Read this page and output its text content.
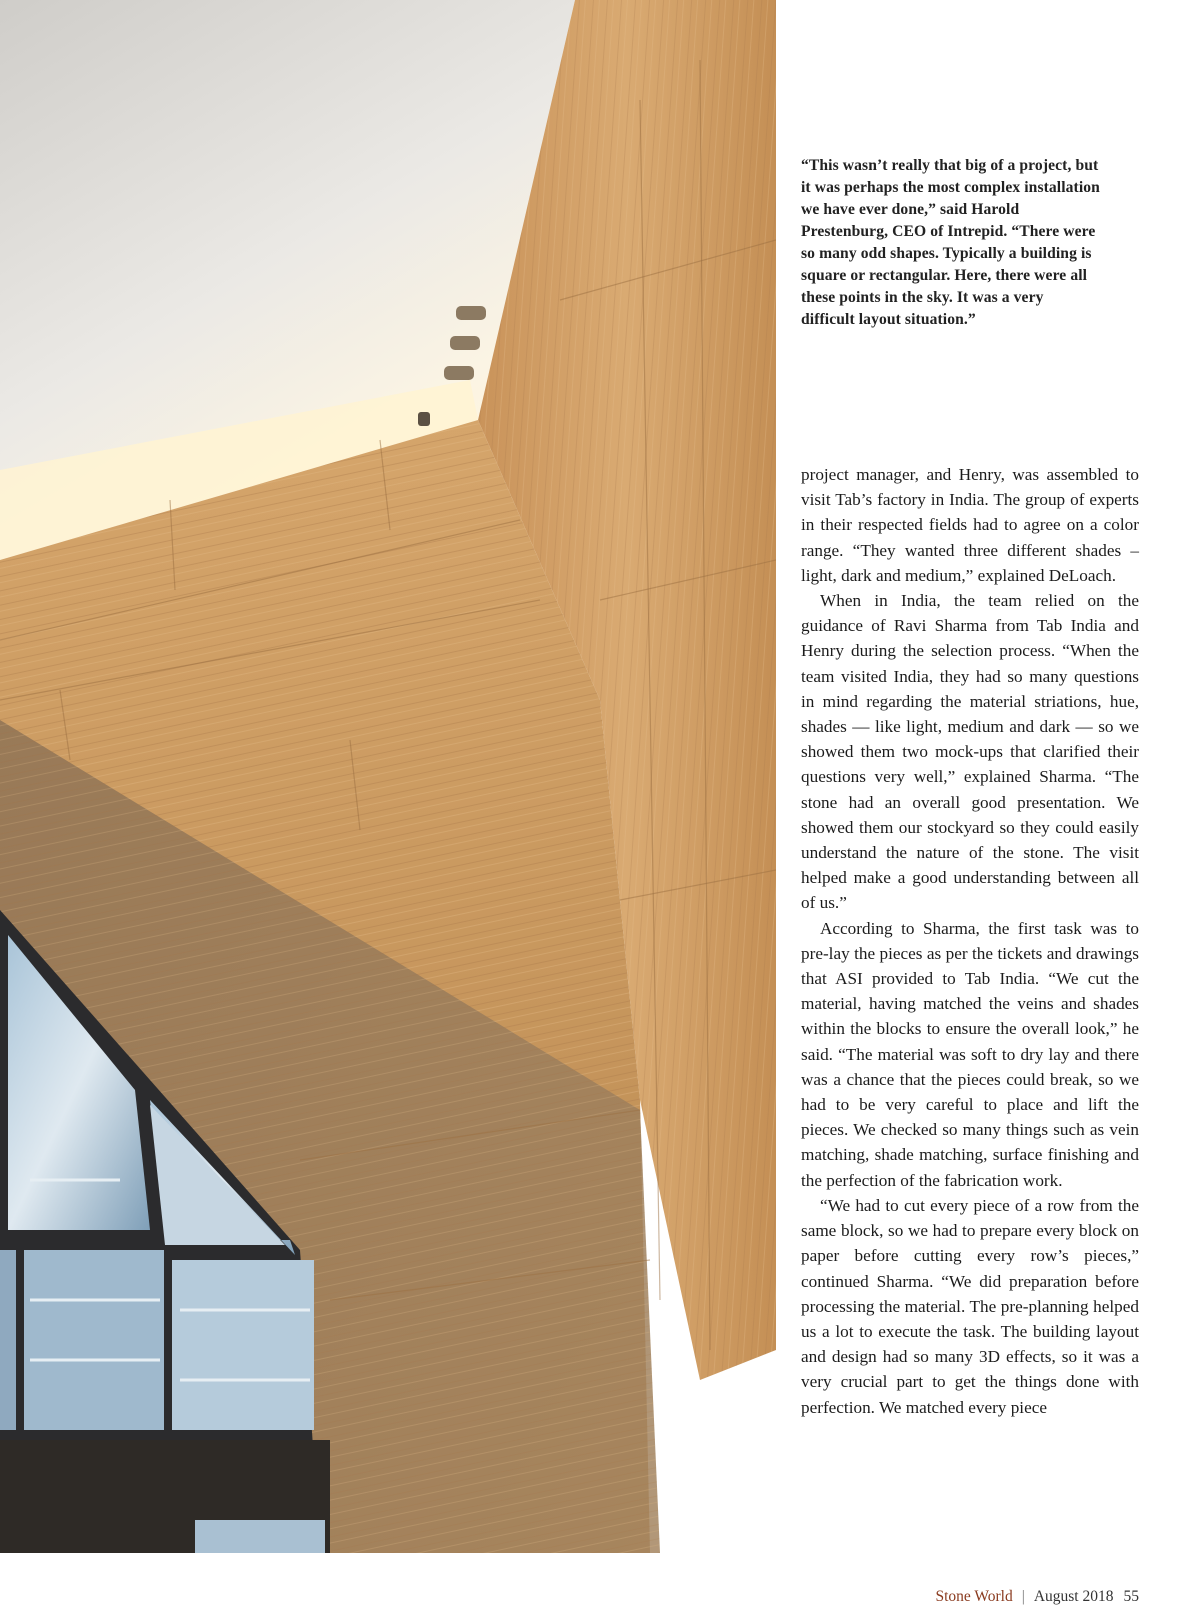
“This wasn’t really that big of a project, but it was perhaps the most complex installation we have ever done,” said Harold Prestenburg, CEO of Intrepid. “There were so many odd shapes. Typically a building is square or rectangular. Here, there were all these points in the sky. It was a very difficult layout situation.”

project manager, and Henry, was assembled to visit Tab’s factory in India. The group of experts in their respected fields had to agree on a color range. “They wanted three different shades – light, dark and medium,” explained DeLoach.

When in India, the team relied on the guidance of Ravi Sharma from Tab India and Henry during the selection process. “When the team visited India, they had so many questions in mind regarding the material striations, hue, shades — like light, medium and dark — so we showed them two mock-ups that clarified their questions very well,” explained Sharma. “The stone had an overall good presentation. We showed them our stockyard so they could easily understand the nature of the stone. The visit helped make a good understanding between all of us.”

According to Sharma, the first task was to pre-lay the pieces as per the tickets and drawings that ASI provided to Tab India. “We cut the material, having matched the veins and shades within the blocks to ensure the overall look,” he said. “The material was soft to dry lay and there was a chance that the pieces could break, so we had to be very careful to place and lift the pieces. We checked so many things such as vein matching, shade matching, surface finishing and the perfection of the fabrication work.

“We had to cut every piece of a row from the same block, so we had to prepare every block on paper before cutting every row’s pieces,” continued Sharma. “We did preparation before processing the material. The pre-planning helped us a lot to execute the task. The building layout and design had so many 3D effects, so it was a very crucial part to get the things done with perfection. We matched every piece

Stone World | August 2018 55
